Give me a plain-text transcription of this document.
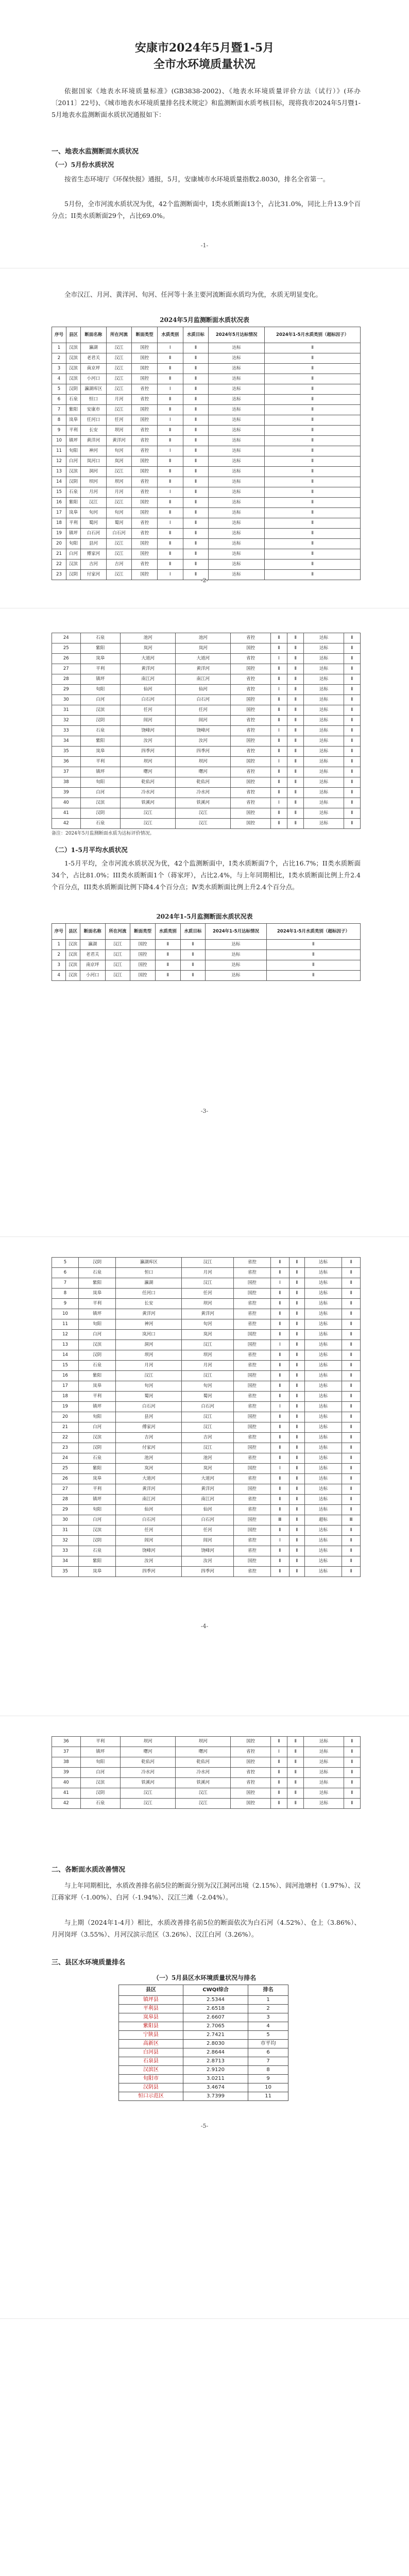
安康市2024年5月暨1-5月
全市水环境质量状况
依据国家《地表水环境质量标准》(GB3838-2002)、《地表水环境质量评价方法（试行）》(环办〔2011〕22号)、《城市地表水环境质量排名技术规定》和监测断面水质考核目标，现将我市2024年5月暨1-5月地表水监测断面水质状况通报如下：
一、地表水监测断面水质状况
（一）5月份水质状况
按省生态环境厅《环保快报》通报，5月，安康城市水环境质量指数2.8030，排名全省第一。
5月份，全市河流水质状况为优，42个监测断面中，I类水质断面13个，占比31.0%，同比上升13.9个百分点；II类水质断面29个，占比69.0%。
-1-
全市汉江、月河、黄洋河、旬河、任河等十条主要河流断面水质均为优，水质无明显变化。
2024年5月监测断面水质状况表
序号	县区	断面名称	所在河流	断面类型	水质类别	水质目标	2024年5月达标情况	2024年1-5月水质类别（超标因子）
1	汉滨	瀛湖	汉江	国控	Ⅰ	Ⅱ	达标	Ⅱ
2	汉滨	老君关	汉江	国控	Ⅱ	Ⅱ	达标	Ⅱ
3	汉滨	南京坪	汉江	国控	Ⅱ	Ⅱ	达标	Ⅱ
4	汉滨	小河口	汉江	国控	Ⅱ	Ⅱ	达标	Ⅱ
5	汉阴	瀛湖库区	汉江	省控	Ⅰ	Ⅱ	达标	Ⅱ
6	石泉	恒口	月河	省控	Ⅱ	Ⅱ	达标	Ⅱ
7	紫阳	安康市	汉江	国控	Ⅱ	Ⅱ	达标	Ⅱ
8	岚皋	任河口	任河	国控	Ⅰ	Ⅱ	达标	Ⅱ
9	平利	长安	坝河	省控	Ⅱ	Ⅱ	达标	Ⅱ
10	镇坪	黄洋河	黄洋河	省控	Ⅱ	Ⅱ	达标	Ⅱ
11	旬阳	神河	旬河	省控	Ⅰ	Ⅱ	达标	Ⅱ
12	白河	岚河口	岚河	国控	Ⅱ	Ⅱ	达标	Ⅱ
13	汉滨	洞河	汉江	国控	Ⅱ	Ⅱ	达标	Ⅱ
14	汉阴	坝河	坝河	省控	Ⅱ	Ⅱ	达标	Ⅱ
15	石泉	月河	月河	省控	Ⅰ	Ⅱ	达标	Ⅱ
16	紫阳	汉江	汉江	国控	Ⅱ	Ⅱ	达标	Ⅱ
17	岚皋	旬河	旬河	国控	Ⅱ	Ⅱ	达标	Ⅱ
18	平利	蜀河	蜀河	省控	Ⅰ	Ⅱ	达标	Ⅱ
19	镇坪	白石河	白石河	省控	Ⅱ	Ⅱ	达标	Ⅱ
20	旬阳	县河	汉江	国控	Ⅱ	Ⅱ	达标	Ⅱ
21	白河	傅家河	汉江	国控	Ⅱ	Ⅱ	达标	Ⅱ
22	汉滨	吉河	吉河	省控	Ⅱ	Ⅱ	达标	Ⅱ
23	汉阴	付家河	汉江	国控	Ⅰ	Ⅱ	达标	Ⅱ
-2-
24	石泉	池河	池河	省控	Ⅱ	Ⅱ	达标	Ⅱ
25	紫阳	岚河	岚河	国控	Ⅱ	Ⅱ	达标	Ⅱ
26	岚皋	大道河	大道河	省控	Ⅰ	Ⅱ	达标	Ⅱ
27	平利	黄洋河	黄洋河	国控	Ⅱ	Ⅱ	达标	Ⅱ
28	镇坪	南江河	南江河	省控	Ⅱ	Ⅱ	达标	Ⅱ
29	旬阳	仙河	仙河	省控	Ⅰ	Ⅱ	达标	Ⅱ
30	白河	白石河	白石河	国控	Ⅱ	Ⅱ	达标	Ⅱ
31	汉滨	任河	任河	国控	Ⅱ	Ⅱ	达标	Ⅱ
32	汉阴	闾河	闾河	省控	Ⅱ	Ⅱ	达标	Ⅱ
33	石泉	饶峰河	饶峰河	省控	Ⅰ	Ⅱ	达标	Ⅱ
34	紫阳	汝河	汝河	国控	Ⅱ	Ⅱ	达标	Ⅱ
35	岚皋	四季河	四季河	省控	Ⅱ	Ⅱ	达标	Ⅱ
36	平利	坝河	坝河	国控	Ⅰ	Ⅱ	达标	Ⅱ
37	镇坪	曙河	曙河	省控	Ⅱ	Ⅱ	达标	Ⅱ
38	旬阳	乾佑河	乾佑河	国控	Ⅱ	Ⅱ	达标	Ⅱ
39	白河	冷水河	冷水河	省控	Ⅱ	Ⅱ	达标	Ⅱ
40	汉滨	铁溪河	铁溪河	省控	Ⅰ	Ⅱ	达标	Ⅱ
41	汉阴	汉江	汉江	国控	Ⅱ	Ⅱ	达标	Ⅱ
42	石泉	汉江	汉江	国控	Ⅱ	Ⅱ	达标	Ⅱ
备注：2024年5月监测断面水质为达标评价情况。
（二）1-5月平均水质状况
1-5月平均，全市河流水质状况为优，42个监测断面中，I类水质断面7个，占比16.7%；II类水质断面34个，占比81.0%；III类水质断面1个（蒋家坪），占比2.4%，与上年同期相比，I类水质断面比例上升2.4个百分点，III类水质断面比例下降4.4个百分点；Ⅳ类水质断面比例上升2.4个百分点。
2024年1-5月监测断面水质状况表
序号	县区	断面名称	所在河流	断面类型	水质类别	水质目标	2024年1-5月达标情况	2024年1-5月水质类别（超标因子）
1	汉滨	瀛湖	汉江	国控	Ⅱ	Ⅱ	达标	Ⅱ
2	汉滨	老君关	汉江	国控	Ⅱ	Ⅱ	达标	Ⅱ
3	汉滨	南京坪	汉江	国控	Ⅱ	Ⅱ	达标	Ⅱ
4	汉滨	小河口	汉江	国控	Ⅱ	Ⅱ	达标	Ⅱ
-3-
5	汉阴	瀛湖库区	汉江	省控	Ⅱ	Ⅱ	达标	Ⅱ
6	石泉	恒口	月河	省控	Ⅱ	Ⅱ	达标	Ⅱ
7	紫阳	瀛湖	汉江	国控	Ⅰ	Ⅱ	达标	Ⅱ
8	岚皋	任河口	任河	国控	Ⅱ	Ⅱ	达标	Ⅱ
9	平利	长安	坝河	省控	Ⅱ	Ⅱ	达标	Ⅱ
10	镇坪	黄洋河	黄洋河	省控	Ⅱ	Ⅱ	达标	Ⅱ
11	旬阳	神河	旬河	省控	Ⅱ	Ⅱ	达标	Ⅱ
12	白河	岚河口	岚河	国控	Ⅱ	Ⅱ	达标	Ⅱ
13	汉滨	洞河	汉江	国控	Ⅰ	Ⅱ	达标	Ⅱ
14	汉阴	坝河	坝河	省控	Ⅱ	Ⅱ	达标	Ⅱ
15	石泉	月河	月河	省控	Ⅱ	Ⅱ	达标	Ⅱ
16	紫阳	汉江	汉江	国控	Ⅱ	Ⅱ	达标	Ⅱ
17	岚皋	旬河	旬河	国控	Ⅱ	Ⅱ	达标	Ⅱ
18	平利	蜀河	蜀河	省控	Ⅱ	Ⅱ	达标	Ⅱ
19	镇坪	白石河	白石河	省控	Ⅰ	Ⅱ	达标	Ⅱ
20	旬阳	县河	汉江	国控	Ⅱ	Ⅱ	达标	Ⅱ
21	白河	傅家河	汉江	国控	Ⅱ	Ⅱ	达标	Ⅱ
22	汉滨	吉河	吉河	省控	Ⅱ	Ⅱ	达标	Ⅱ
23	汉阴	付家河	汉江	国控	Ⅱ	Ⅱ	达标	Ⅱ
24	石泉	池河	池河	省控	Ⅱ	Ⅱ	达标	Ⅱ
25	紫阳	岚河	岚河	国控	Ⅰ	Ⅱ	达标	Ⅱ
26	岚皋	大道河	大道河	省控	Ⅱ	Ⅱ	达标	Ⅱ
27	平利	黄洋河	黄洋河	国控	Ⅱ	Ⅱ	达标	Ⅱ
28	镇坪	南江河	南江河	省控	Ⅱ	Ⅱ	达标	Ⅱ
29	旬阳	仙河	仙河	省控	Ⅱ	Ⅱ	达标	Ⅱ
30	白河	白石河	白石河	国控	Ⅲ	Ⅱ	超标	Ⅲ
31	汉滨	任河	任河	国控	Ⅱ	Ⅱ	达标	Ⅱ
32	汉阴	闾河	闾河	省控	Ⅰ	Ⅱ	达标	Ⅱ
33	石泉	饶峰河	饶峰河	省控	Ⅱ	Ⅱ	达标	Ⅱ
34	紫阳	汝河	汝河	国控	Ⅱ	Ⅱ	达标	Ⅱ
35	岚皋	四季河	四季河	省控	Ⅱ	Ⅱ	达标	Ⅱ
-4-
36	平利	坝河	坝河	国控	Ⅱ	Ⅱ	达标	Ⅱ
37	镇坪	曙河	曙河	省控	Ⅰ	Ⅱ	达标	Ⅱ
38	旬阳	乾佑河	乾佑河	国控	Ⅱ	Ⅱ	达标	Ⅱ
39	白河	冷水河	冷水河	省控	Ⅱ	Ⅱ	达标	Ⅱ
40	汉滨	铁溪河	铁溪河	省控	Ⅱ	Ⅱ	达标	Ⅱ
41	汉阴	汉江	汉江	国控	Ⅱ	Ⅱ	达标	Ⅱ
42	石泉	汉江	汉江	国控	Ⅱ	Ⅱ	达标	Ⅱ
二、各断面水质改善情况
与上年同期相比，水质改善排名前5位的断面分别为汉江洞河出境（2.15%）、闾河池塘村（1.97%）、汉江蒋家坪（-1.00%）、白河（-1.94%）、汉江兰滩（-2.04%）。
与上期（2024年1-4月）相比，水质改善排名前5位的断面依次为白石河（4.52%）、仓上（3.86%）、月河岗坪（3.55%）、月河汉滨示范区（3.26%）、汉江白河（3.26%）。
三、县区水环境质量排名
（一）5月县区水环境质量状况与排名
县区	CWQI综合	排名
镇坪县	2.5344	1
平利县	2.6518	2
岚皋县	2.6607	3
紫阳县	2.7065	4
宁陕县	2.7421	5
高新区	2.8030	市平均
白河县	2.8644	6
石泉县	2.8713	7
汉滨区	2.9120	8
旬阳市	3.0211	9
汉阴县	3.4674	10
恒口示范区	3.7399	11
-5-
